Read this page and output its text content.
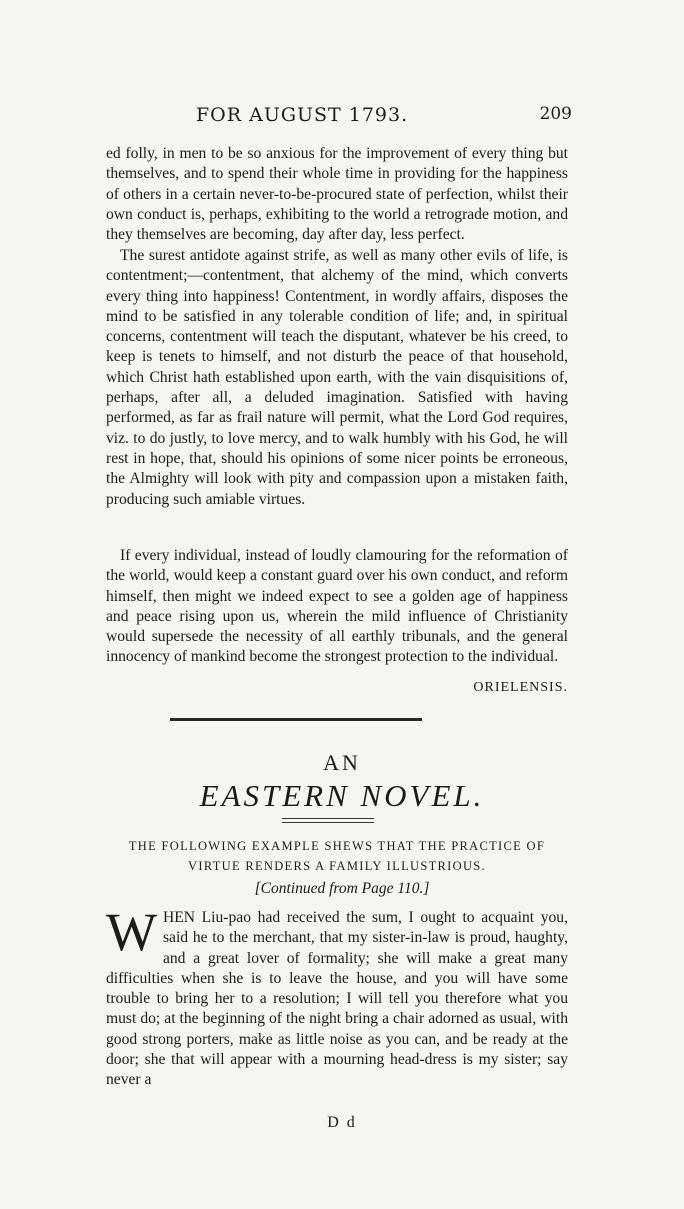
FOR AUGUST 1793.	209
ed folly, in men to be so anxious for the improvement of every thing but themselves, and to spend their whole time in providing for the happiness of others in a certain never-to-be-procured state of perfection, whilst their own conduct is, perhaps, exhibiting to the world a retrograde motion, and they themselves are becoming, day after day, less perfect.
The surest antidote against strife, as well as many other evils of life, is contentment;—contentment, that alchemy of the mind, which converts every thing into happiness! Contentment, in wordly affairs, disposes the mind to be satisfied in any tolerable condition of life; and, in spiritual concerns, contentment will teach the disputant, whatever be his creed, to keep is tenets to himself, and not disturb the peace of that household, which Christ hath established upon earth, with the vain disquisitions of, perhaps, after all, a deluded imagination. Satisfied with having performed, as far as frail nature will permit, what the Lord God requires, viz. to do justly, to love mercy, and to walk humbly with his God, he will rest in hope, that, should his opinions of some nicer points be erroneous, the Almighty will look with pity and compassion upon a mistaken faith, producing such amiable virtues.
If every individual, instead of loudly clamouring for the reformation of the world, would keep a constant guard over his own conduct, and reform himself, then might we indeed expect to see a golden age of happiness and peace rising upon us, wherein the mild influence of Christianity would supersede the necessity of all earthly tribunals, and the general innocency of mankind become the strongest protection to the individual.
ORIELENSIS.
AN
EASTERN NOVEL.
THE FOLLOWING EXAMPLE SHEWS THAT THE PRACTICE OF VIRTUE RENDERS A FAMILY ILLUSTRIOUS.
[Continued from Page 110.]
W HEN Liu-pao had received the sum, I ought to acquaint you, said he to the merchant, that my sister-in-law is proud, haughty, and a great lover of formality; she will make a great many difficulties when she is to leave the house, and you will have some trouble to bring her to a resolution; I will tell you therefore what you must do; at the beginning of the night bring a chair adorned as usual, with good strong porters, make as little noise as you can, and be ready at the door; she that will appear with a mourning head-dress is my sister; say never a
D d
